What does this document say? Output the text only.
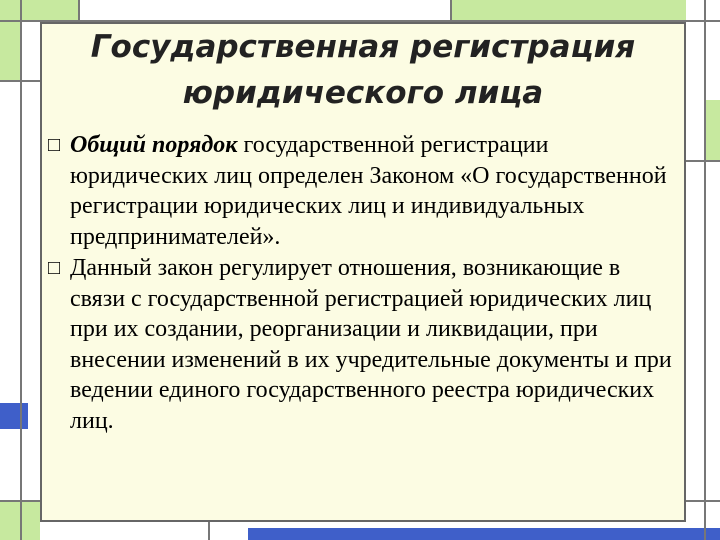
Государственная регистрация
юридического лица

□ Общий порядок государственной регистрации юридических лиц определен Законом «О государственной регистрации юридических лиц и индивидуальных предпринимателей».

□ Данный закон регулирует отношения, возникающие в связи с государственной регистрацией юридических лиц при их создании, реорганизации и ликвидации, при внесении изменений в их учредительные документы и при ведении единого государственного реестра юридических лиц.
